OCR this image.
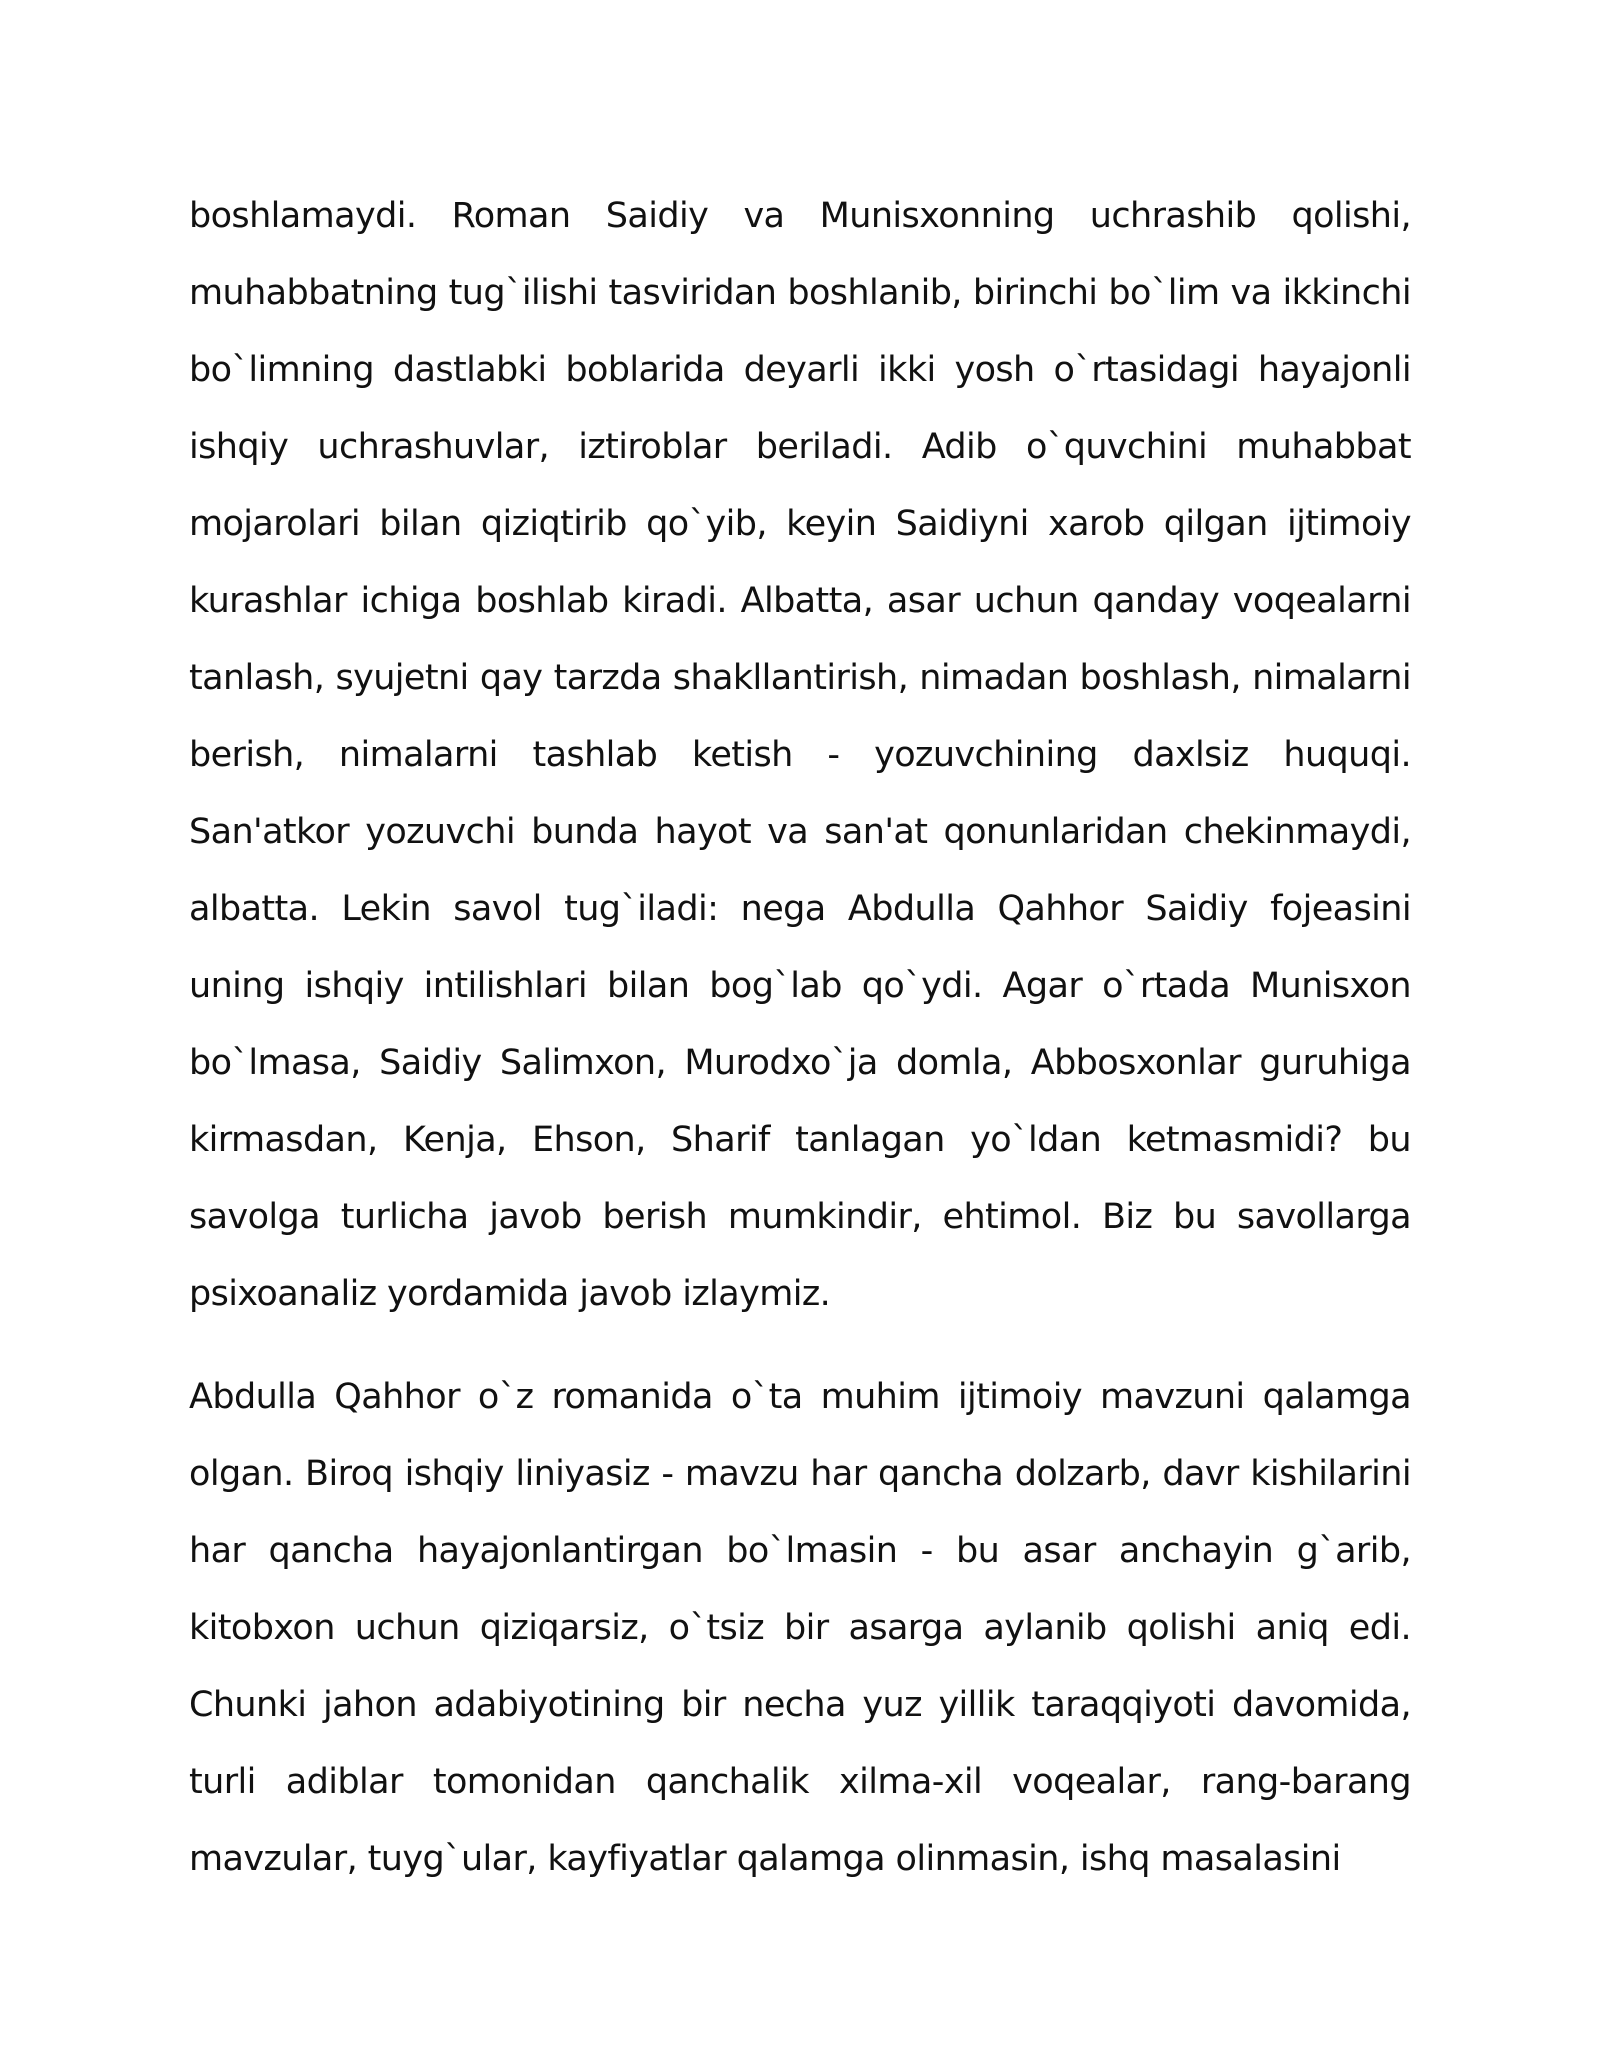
boshlamaydi. Roman Saidiy va Munisxonning uchrashib qolishi, muhabbatning tug`ilishi tasviridan boshlanib, birinchi bo`lim va ikkinchi bo`limning dastlabki boblarida deyarli ikki yosh o`rtasidagi hayajonli ishqiy uchrashuvlar, iztiroblar beriladi. Adib o`quvchini muhabbat mojarolari bilan qiziqtirib qo`yib, keyin Saidiyni xarob qilgan ijtimoiy kurashlar ichiga boshlab kiradi. Albatta, asar uchun qanday voqealarni tanlash, syujetni qay tarzda shakllantirish, nimadan boshlash, nimalarni berish, nimalarni tashlab ketish - yozuvchining daxlsiz huquqi. San'atkor yozuvchi bunda hayot va san'at qonunlaridan chekinmaydi, albatta. Lekin savol tug`iladi: nega Abdulla Qahhor Saidiy fojeasini uning ishqiy intilishlari bilan bog`lab qo`ydi. Agar o`rtada Munisxon bo`lmasa, Saidiy Salimxon, Murodxo`ja domla, Abbosxonlar guruhiga kirmasdan, Kenja, Ehson, Sharif tanlagan yo`ldan ketmasmidi? bu savolga turlicha javob berish mumkindir, ehtimol. Biz bu savollarga psixoanaliz yordamida javob izlaymiz.

Abdulla Qahhor o`z romanida o`ta muhim ijtimoiy mavzuni qalamga olgan. Biroq ishqiy liniyasiz - mavzu har qancha dolzarb, davr kishilarini har qancha hayajonlantirgan bo`lmasin - bu asar anchayin g`arib, kitobxon uchun qiziqarsiz, o`tsiz bir asarga aylanib qolishi aniq edi. Chunki jahon adabiyotining bir necha yuz yillik taraqqiyoti davomida, turli adiblar tomonidan qanchalik xilma-xil voqealar, rang-barang mavzular, tuyg`ular, kayfiyatlar qalamga olinmasin, ishq masalasini
